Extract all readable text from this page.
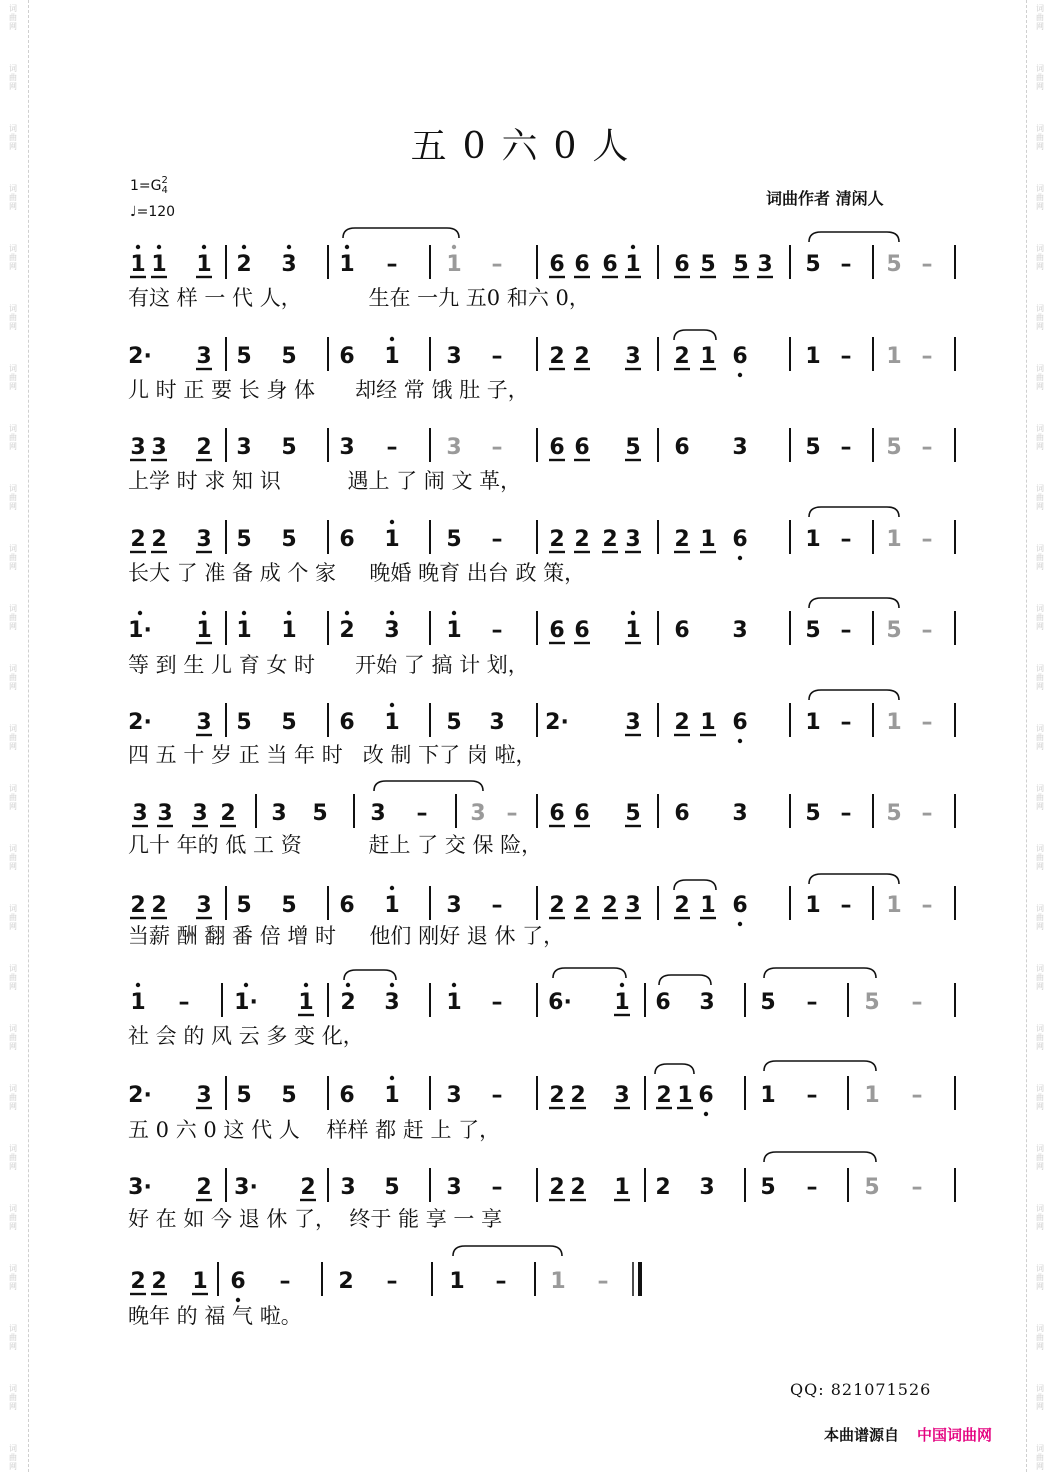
词
曲
网
词
曲
网
词
曲
网
词
曲
网
词
曲
网
词
曲
网
词
曲
网
词
曲
网
词
曲
网
词
曲
网
词
曲
网
词
曲
网
词
曲
网
词
曲
网
词
曲
网
词
曲
网
词
曲
网
词
曲
网
词
曲
网
词
曲
网
词
曲
网
词
曲
网
词
曲
网
词
曲
网
词
曲
网
词
曲
网
词
曲
网
词
曲
网
词
曲
网
词
曲
网
词
曲
网
词
曲
网
词
曲
网
词
曲
网
词
曲
网
词
曲
网
词
曲
网
词
曲
网
词
曲
网
词
曲
网
词
曲
网
词
曲
网
词
曲
网
词
曲
网
词
曲
网
词
曲
网
词
曲
网
词
曲
网
词
曲
网
词
曲
网
五0六0人
1=G2
4
♩=120
词曲作者 清闲人
1 1 1 2 3 1 – 1 – 6 6 6 1 6 5 5 3 5 – 5 –
有这 样 一 代 人，          生在 一九 五0 和六 0，
2· 3 5 5 6 1 3 – 2 2 3 2 1 6	1 – 1 –
儿 时 正 要 长 身 体      却经 常 饿 肚 子，
3 3 2 3 5 3 – 3 – 6 6 5 6 3	5 – 5 –
上学 时 求 知 识          遇上 了 闹 文 革，
2 2 3 5 5 6 1 5 – 2 2 2 3 2 1 6	1 – 1 –
长大 了 准 备 成 个 家     晚婚 晚育 出台 政 策，
1· 1 1 1 2 3 1 – 6 6 1 6 3	5 – 5 –
等 到 生 儿 育 女 时      开始 了 搞 计 划，
2· 3 5 5 6 1 5 3 2·	3 2 1 6	1 – 1 –
四 五 十 岁 正 当 年 时   改 制 下了 岗 啦，
3 3 3 2 3 5 3 – 3 – 6 6 5 6 3	5 – 5 –
几十 年的 低 工 资          赶上 了 交 保 险，
2 2 3 5 5 6 1 3 – 2 2 2 3 2 1 6	1 – 1 –
当薪 酬 翻 番 倍 增 时     他们 刚好 退 休 了，
1 – 1· 1 2 3 1 – 6· 1 6 3 5 – 5 –
社 会 的 风 云 多 变 化，
2· 3 5 5 6 1 3 – 2 2 3 2 1 6 1 – 1 –
五 0 六 0 这 代 人    样样 都 赶 上 了，
3· 2 3· 2 3 5 3 – 2 2 1 2 3 5 – 5 –
好 在 如 今 退 休 了，  终于 能 享 一 享
2 2 1 6 – 2 – 1 – 1 –
晚年 的 福 气 啦。
QQ: 821071526
本曲谱源自 中国词曲网
